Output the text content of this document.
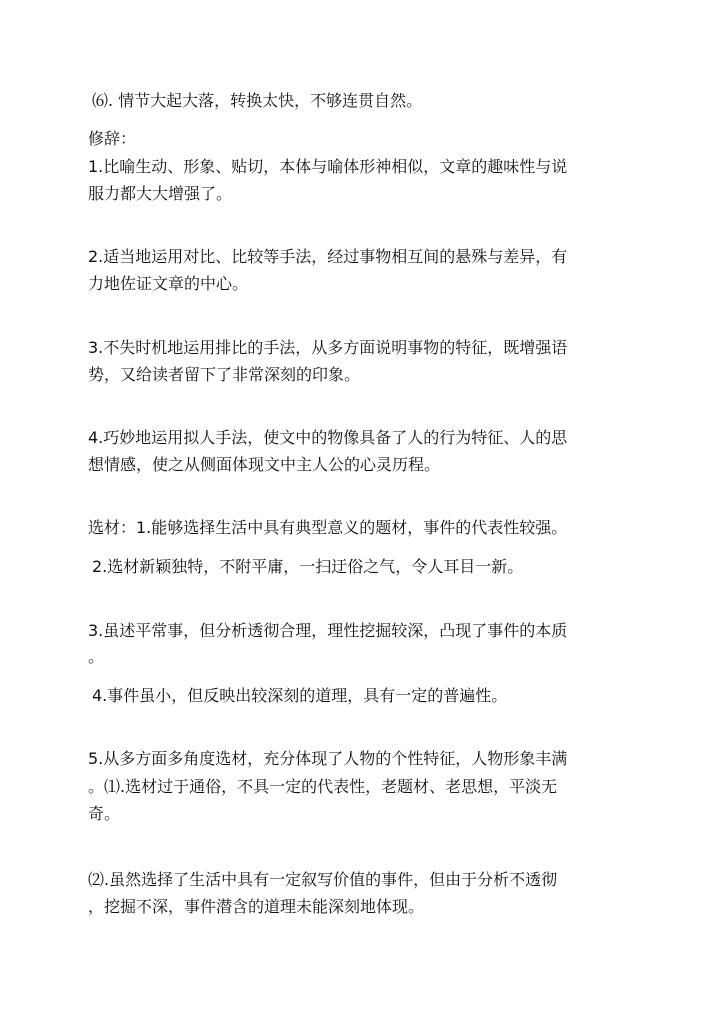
⑹. 情节大起大落，转换太快，不够连贯自然。
修辞：
1.比喻生动、形象、贴切，本体与喻体形神相似，文章的趣味性与说
服力都大大增强了。
2.适当地运用对比、比较等手法，经过事物相互间的悬殊与差异，有
力地佐证文章的中心。
3.不失时机地运用排比的手法，从多方面说明事物的特征，既增强语
势，又给读者留下了非常深刻的印象。
4.巧妙地运用拟人手法，使文中的物像具备了人的行为特征、人的思
想情感，使之从侧面体现文中主人公的心灵历程。
选材：1.能够选择生活中具有典型意义的题材，事件的代表性较强。
2.选材新颖独特，不附平庸，一扫迂俗之气，令人耳目一新。
3.虽述平常事，但分析透彻合理，理性挖掘较深，凸现了事件的本质
。
4.事件虽小，但反映出较深刻的道理，具有一定的普遍性。
5.从多方面多角度选材，充分体现了人物的个性特征，人物形象丰满
。⑴.选材过于通俗，不具一定的代表性，老题材、老思想，平淡无
奇。
⑵.虽然选择了生活中具有一定叙写价值的事件，但由于分析不透彻
，挖掘不深，事件潜含的道理未能深刻地体现。
